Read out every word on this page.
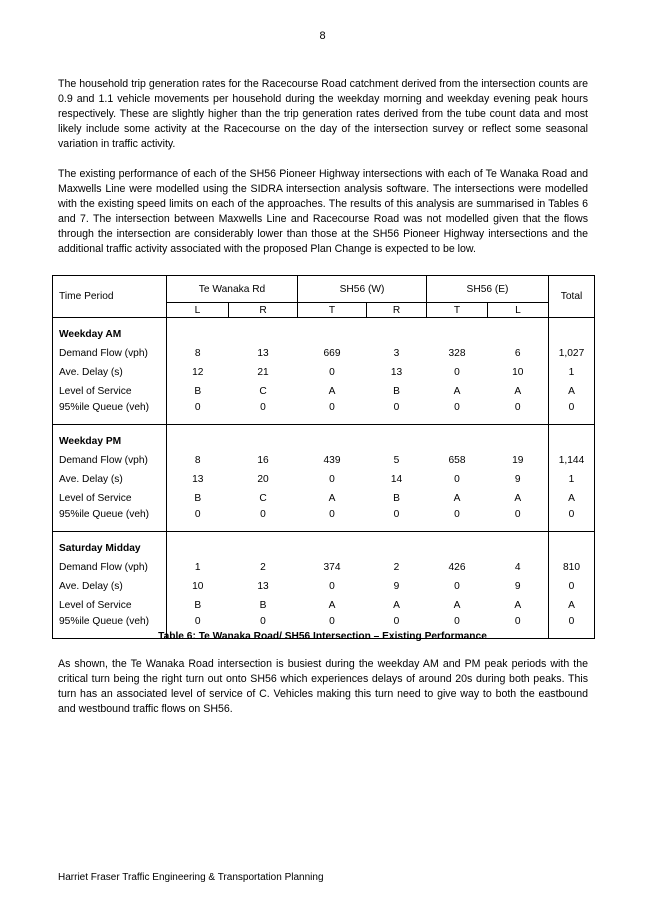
8

The household trip generation rates for the Racecourse Road catchment derived from the intersection counts are 0.9 and 1.1 vehicle movements per household during the weekday morning and weekday evening peak hours respectively. These are slightly higher than the trip generation rates derived from the tube count data and most likely include some activity at the Racecourse on the day of the intersection survey or reflect some seasonal variation in traffic activity.

The existing performance of each of the SH56 Pioneer Highway intersections with each of Te Wanaka Road and Maxwells Line were modelled using the SIDRA intersection analysis software. The intersections were modelled with the existing speed limits on each of the approaches. The results of this analysis are summarised in Tables 6 and 7. The intersection between Maxwells Line and Racecourse Road was not modelled given that the flows through the intersection are considerably lower than those at the SH56 Pioneer Highway intersections and the additional traffic activity associated with the proposed Plan Change is expected to be low.

Time Period	Te Wanaka Rd		SH56 (W)		SH56 (E)		Total
	L	R	T	R	T	L	
Weekday AM							
Demand Flow (vph)	8	13	669	3	328	6	1,027
Ave. Delay (s)	12	21	0	13	0	10	1
Level of Service	B	C	A	B	A	A	A
95%ile Queue (veh)	0	0	0	0	0	0	0
Weekday PM							
Demand Flow (vph)	8	16	439	5	658	19	1,144
Ave. Delay (s)	13	20	0	14	0	9	1
Level of Service	B	C	A	B	A	A	A
95%ile Queue (veh)	0	0	0	0	0	0	0
Saturday Midday							
Demand Flow (vph)	1	2	374	2	426	4	810
Ave. Delay (s)	10	13	0	9	0	9	0
Level of Service	B	B	A	A	A	A	A
95%ile Queue (veh)	0	0	0	0	0	0	0
Table 6: Te Wanaka Road/ SH56 Intersection – Existing Performance

As shown, the Te Wanaka Road intersection is busiest during the weekday AM and PM peak periods with the critical turn being the right turn out onto SH56 which experiences delays of around 20s during both peaks. This turn has an associated level of service of C. Vehicles making this turn need to give way to both the eastbound and westbound traffic flows on SH56.

Harriet Fraser Traffic Engineering & Transportation Planning
